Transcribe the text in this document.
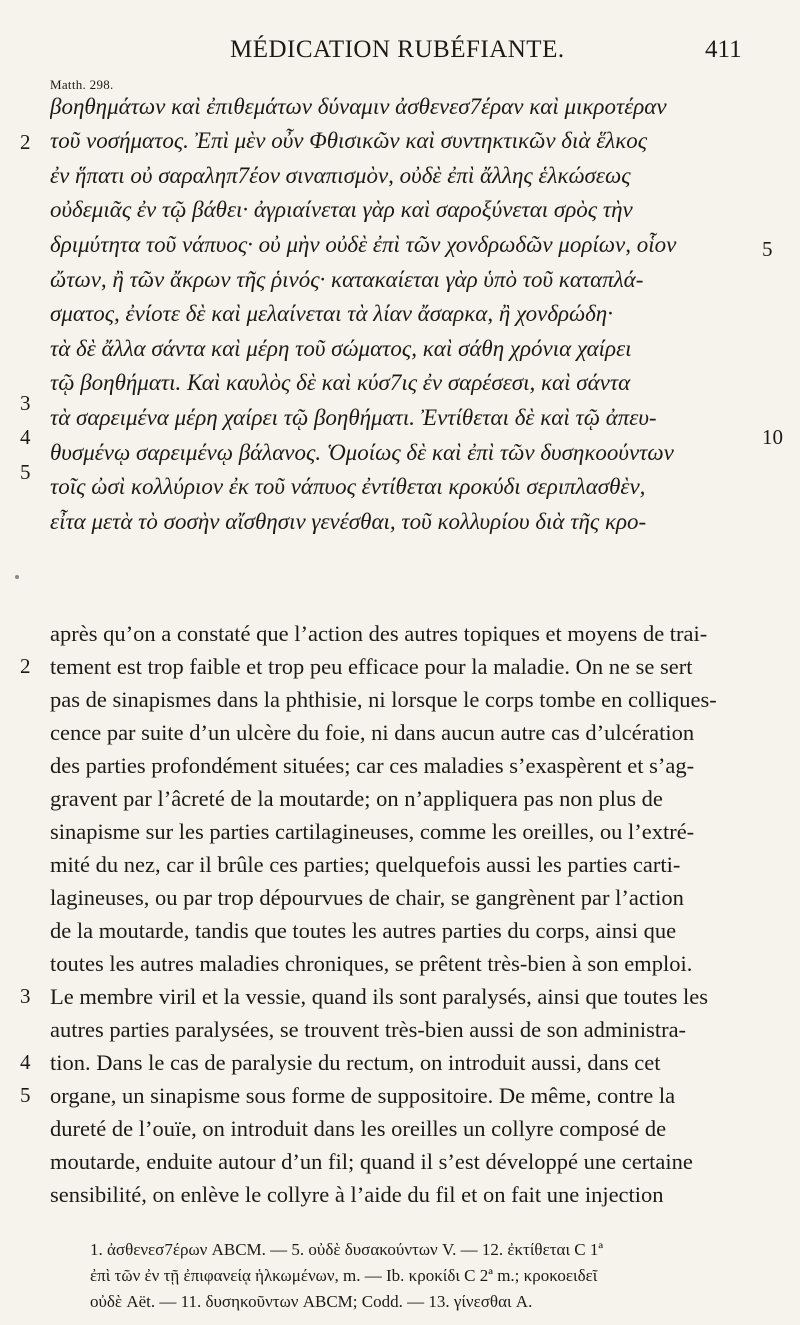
MÉDICATION RUBÉFIANTE.	411
Matth. 298.
βοηθημάτων καὶ ἐπιθεμάτων δύναμιν ἀσθενεσ7έραν καὶ μικροτέραν
τοῦ νοσήματος. Ἐπὶ μὲν οὖν Φθισικῶν καὶ συντηκτικῶν διὰ ἕλκος
ἐν ἥπατι οὐ σαραληπ7έον σιναπισμὸν, οὐδὲ ἐπὶ ἄλλης ἑλκώσεως
οὐδεμιᾶς ἐν τῷ βάθει· ἀγριαίνεται γὰρ καὶ σαροξύνεται σρὸς τὴν
δριμύτητα τοῦ νάπυος· οὐ μὴν οὐδὲ ἐπὶ τῶν χονδρωδῶν μορίων, οἷον
ὤτων, ἢ τῶν ἄκρων τῆς ῥινός· κατακαίεται γὰρ ὑπὸ τοῦ καταπλά-
σματος, ἐνίοτε δὲ καὶ μελαίνεται τὰ λίαν ἄσαρκα, ἢ χονδρώδη·
τὰ δὲ ἄλλα σάντα καὶ μέρη τοῦ σώματος, καὶ σάθη χρόνια χαίρει
τῷ βοηθήματι. Καὶ καυλὸς δὲ καὶ κύσ7ις ἐν σαρέσεσι, καὶ σάντα
τὰ σαρειμένα μέρη χαίρει τῷ βοηθήματι. Ἐντίθεται δὲ καὶ τῷ ἀπευ-
θυσμένῳ σαρειμένῳ βάλανος. Ὁμοίως δὲ καὶ ἐπὶ τῶν δυσηκοούντων
τοῖς ὠσὶ κολλύριον ἐκ τοῦ νάπυος ἐντίθεται κροκύδι σεριπλασθὲν,
εἶτα μετὰ τὸ σοσὴν αἴσθησιν γενέσθαι, τοῦ κολλυρίου διὰ τῆς κρο-
2
3
4
5
5
10
après qu’on a constaté que l’action des autres topiques et moyens de trai-
tement est trop faible et trop peu efficace pour la maladie. On ne se sert
pas de sinapismes dans la phthisie, ni lorsque le corps tombe en colliques-
cence par suite d’un ulcère du foie, ni dans aucun autre cas d’ulcération
des parties profondément situées; car ces maladies s’exaspèrent et s’ag-
gravent par l’âcreté de la moutarde; on n’appliquera pas non plus de
sinapisme sur les parties cartilagineuses, comme les oreilles, ou l’extré-
mité du nez, car il brûle ces parties; quelquefois aussi les parties carti-
lagineuses, ou par trop dépourvues de chair, se gangrènent par l’action
de la moutarde, tandis que toutes les autres parties du corps, ainsi que
toutes les autres maladies chroniques, se prêtent très-bien à son emploi.
Le membre viril et la vessie, quand ils sont paralysés, ainsi que toutes les
autres parties paralysées, se trouvent très-bien aussi de son administra-
tion. Dans le cas de paralysie du rectum, on introduit aussi, dans cet
organe, un sinapisme sous forme de suppositoire. De même, contre la
dureté de l’ouïe, on introduit dans les oreilles un collyre composé de
moutarde, enduite autour d’un fil; quand il s’est développé une certaine
sensibilité, on enlève le collyre à l’aide du fil et on fait une injection
2
3
4
5
1. ἀσθενεσ7έρων ABCM. — 5. οὐδὲ δυσακούντων V. — 12. ἐκτίθεται C 1ª
ἐπὶ τῶν ἐν τῇ ἐπιφανείᾳ ἡλκωμένων, m. — Ib. κροκίδι C 2ª m.; κροκοειδεῖ
οὐδὲ Aët. — 11. δυσηκοῦντων ABCM; Codd. — 13. γίνεσθαι A.
